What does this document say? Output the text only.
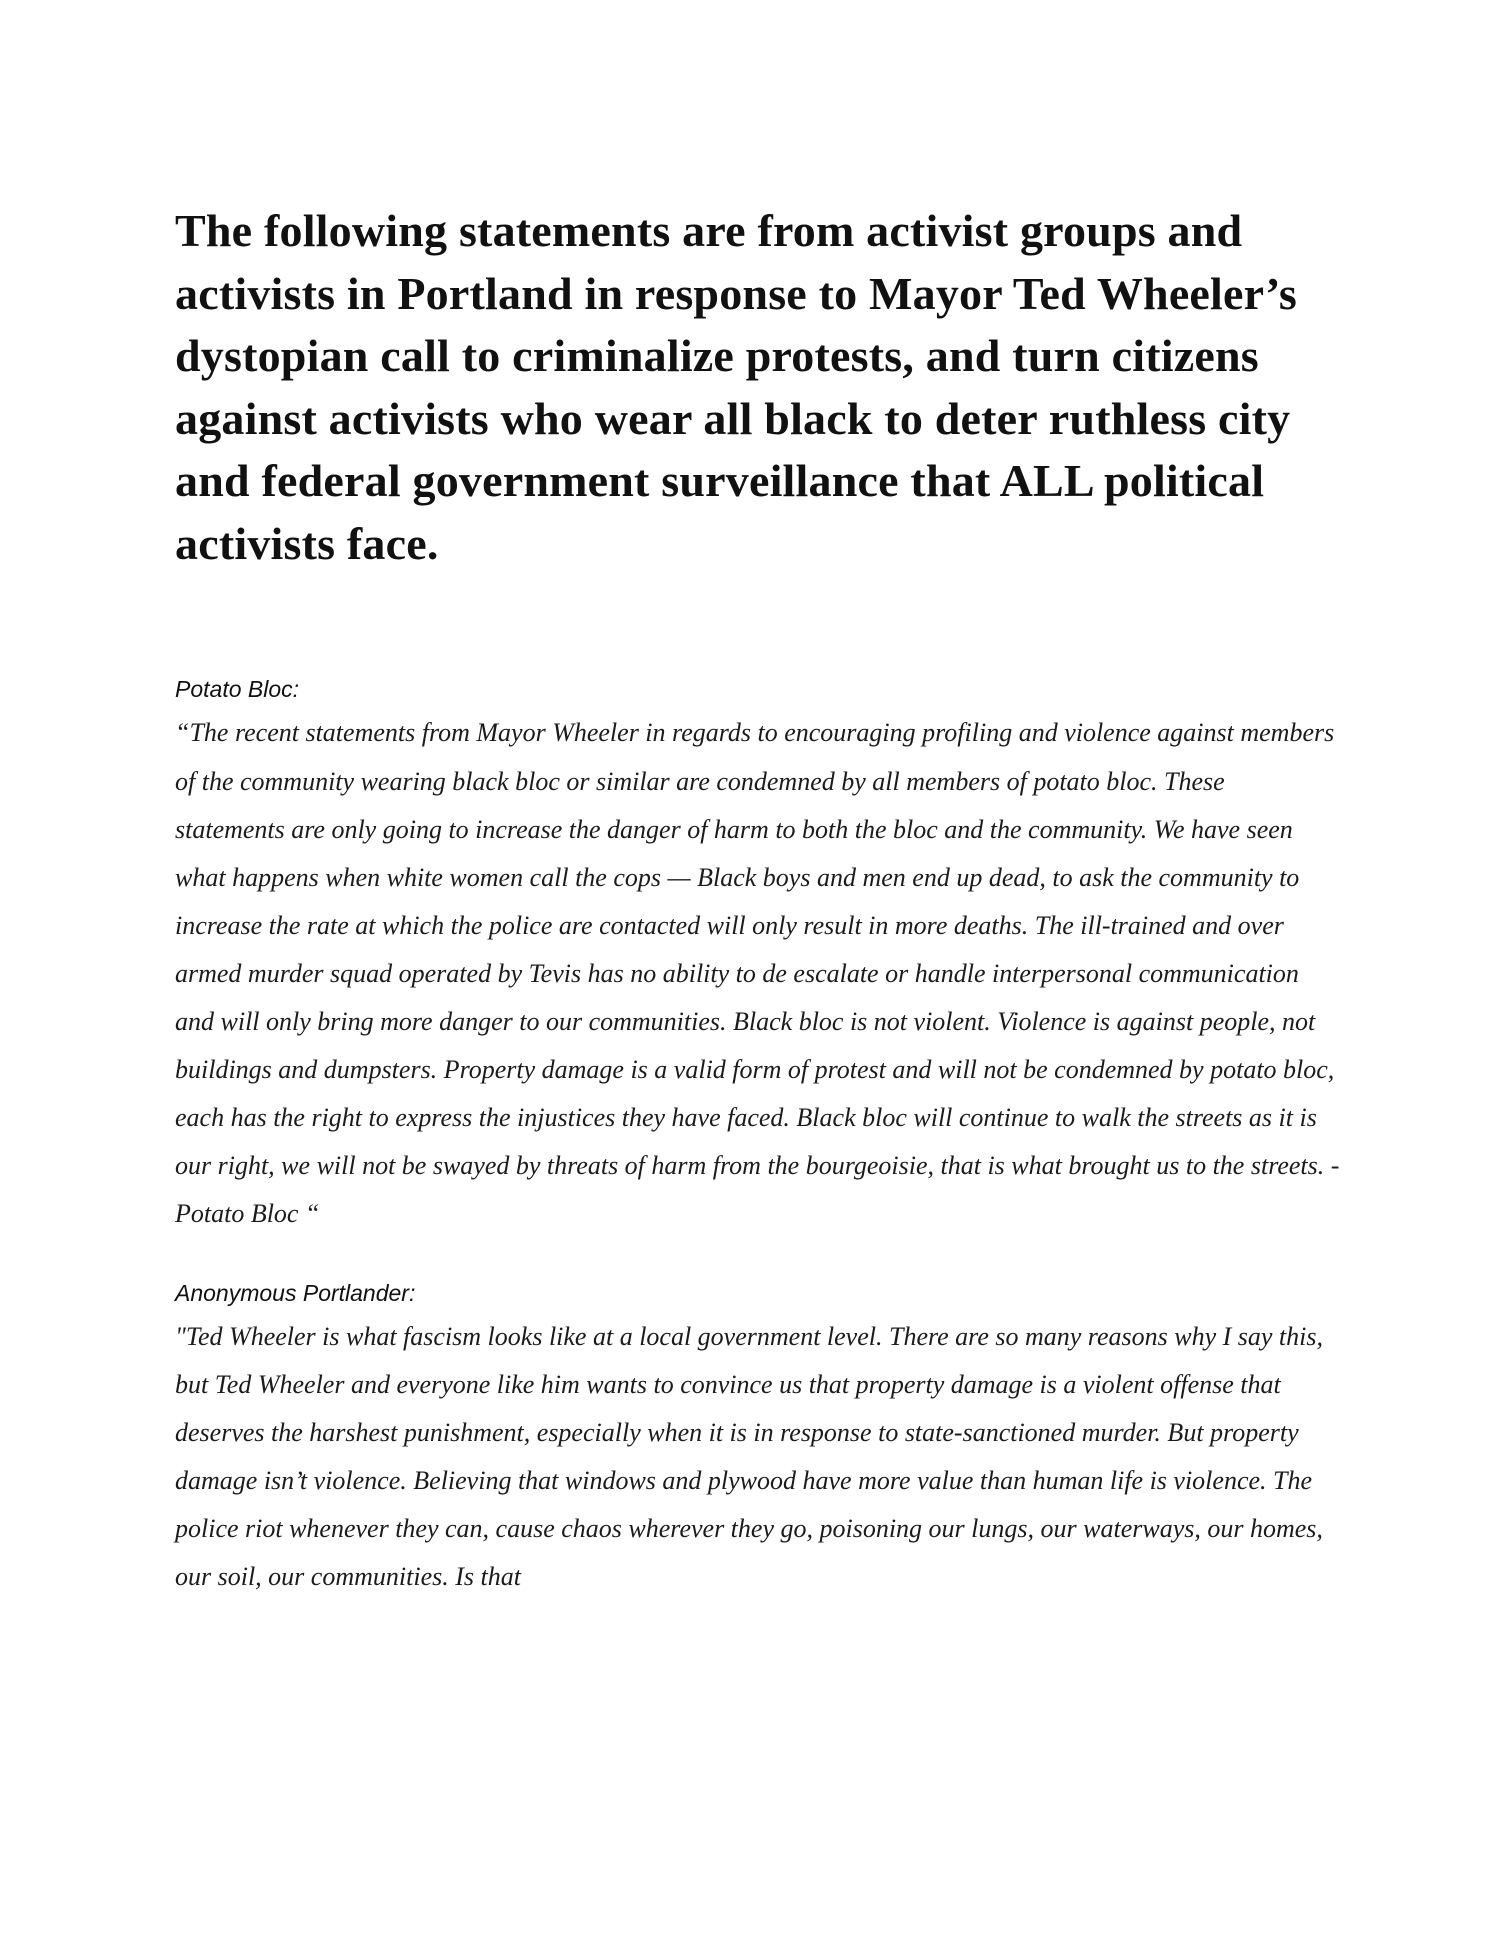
The following statements are from activist groups and activists in Portland in response to Mayor Ted Wheeler’s dystopian call to criminalize protests, and turn citizens against activists who wear all black to deter ruthless city and federal government surveillance that ALL political activists face.

Potato Bloc:

“The recent statements from Mayor Wheeler in regards to encouraging profiling and violence against members of the community wearing black bloc or similar are condemned by all members of potato bloc. These statements are only going to increase the danger of harm to both the bloc and the community. We have seen what happens when white women call the cops — Black boys and men end up dead, to ask the community to increase the rate at which the police are contacted will only result in more deaths. The ill-trained and over armed murder squad operated by Tevis has no ability to de escalate or handle interpersonal communication and will only bring more danger to our communities. Black bloc is not violent. Violence is against people, not buildings and dumpsters. Property damage is a valid form of protest and will not be condemned by potato bloc, each has the right to express the injustices they have faced. Black bloc will continue to walk the streets as it is our right, we will not be swayed by threats of harm from the bourgeoisie, that is what brought us to the streets. -Potato Bloc “

Anonymous Portlander:

"Ted Wheeler is what fascism looks like at a local government level. There are so many reasons why I say this, but Ted Wheeler and everyone like him wants to convince us that property damage is a violent offense that deserves the harshest punishment, especially when it is in response to state-sanctioned murder. But property damage isn’t violence. Believing that windows and plywood have more value than human life is violence. The police riot whenever they can, cause chaos wherever they go, poisoning our lungs, our waterways, our homes, our soil, our communities. Is that
